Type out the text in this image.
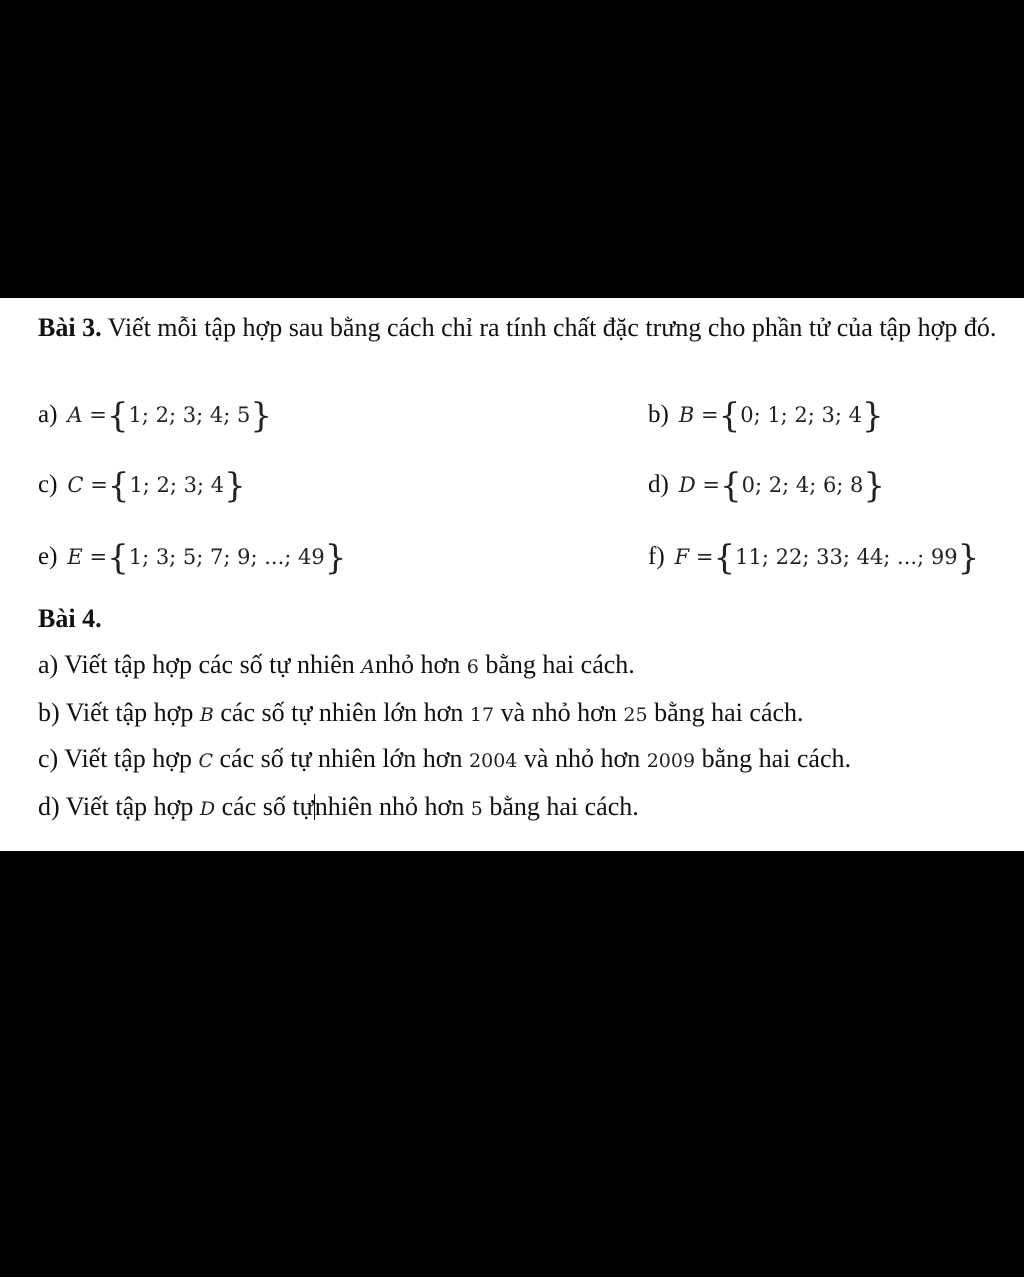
Bài 3. Viết mỗi tập hợp sau bằng cách chỉ ra tính chất đặc trưng cho phần tử của tập hợp đó.
a) A = { 1; 2; 3; 4; 5 }	b) B = { 0; 1; 2; 3; 4 }
c) C = { 1; 2; 3; 4 }	d) D = { 0; 2; 4; 6; 8 }
e) E = { 1; 3; 5; 7; 9; ...; 49 }	f) F = { 11; 22; 33; 44; ...; 99 }
Bài 4.
a) Viết tập hợp các số tự nhiên Anhỏ hơn 6 bằng hai cách.
b) Viết tập hợp B các số tự nhiên lớn hơn 17 và nhỏ hơn 25 bằng hai cách.
c) Viết tập hợp C các số tự nhiên lớn hơn 2004 và nhỏ hơn 2009 bằng hai cách.
d) Viết tập hợp D các số tựnhiên nhỏ hơn 5 bằng hai cách.
